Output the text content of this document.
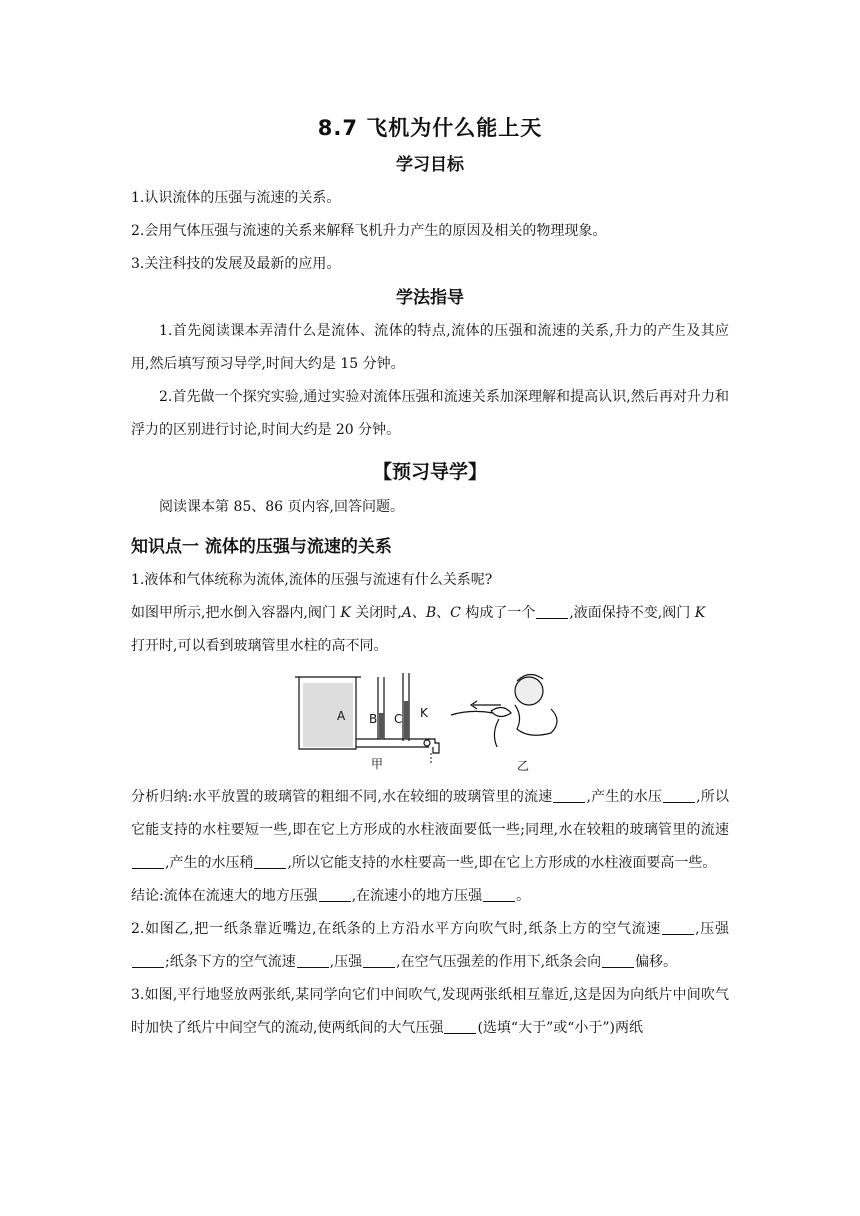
8.7 飞机为什么能上天
学习目标

1.认识流体的压强与流速的关系。

2.会用气体压强与流速的关系来解释飞机升力产生的原因及相关的物理现象。

3.关注科技的发展及最新的应用。

学法指导

1.首先阅读课本弄清什么是流体、流体的特点,流体的压强和流速的关系,升力的产生及其应用,然后填写预习导学,时间大约是 15 分钟。

2.首先做一个探究实验,通过实验对流体压强和流速关系加深理解和提高认识,然后再对升力和浮力的区别进行讨论,时间大约是 20 分钟。

【预习导学】

阅读课本第 85、86 页内容,回答问题。

知识点一 流体的压强与流速的关系

1.液体和气体统称为流体,流体的压强与流速有什么关系呢?

如图甲所示,把水倒入容器内,阀门 K 关闭时,A、B、C 构成了一个 ,液面保持不变,阀门 K
打开时,可以看到玻璃管里水柱的高不同。

A B C K
甲	乙

分析归纳:水平放置的玻璃管的粗细不同,水在较细的玻璃管里的流速 ,产生的水压 ,所以它能支持的水柱要短一些,即在它上方形成的水柱液面要低一些;同理,水在较粗的玻璃管里的流速,产生的水压稍 ,所以它能支持的水柱要高一些,即在它上方形成的水柱液面要高一些。

结论:流体在流速大的地方压强 ,在流速小的地方压强 。

2.如图乙,把一纸条靠近嘴边,在纸条的上方沿水平方向吹气时,纸条上方的空气流速 ,压强;纸条下方的空气流速 ,压强 ,在空气压强差的作用下,纸条会向 偏移。

3.如图,平行地竖放两张纸,某同学向它们中间吹气,发现两张纸相互靠近,这是因为向纸片中间吹气时加快了纸片中间空气的流动,使两纸间的大气压强 (选填“大于”或“小于”)两纸
